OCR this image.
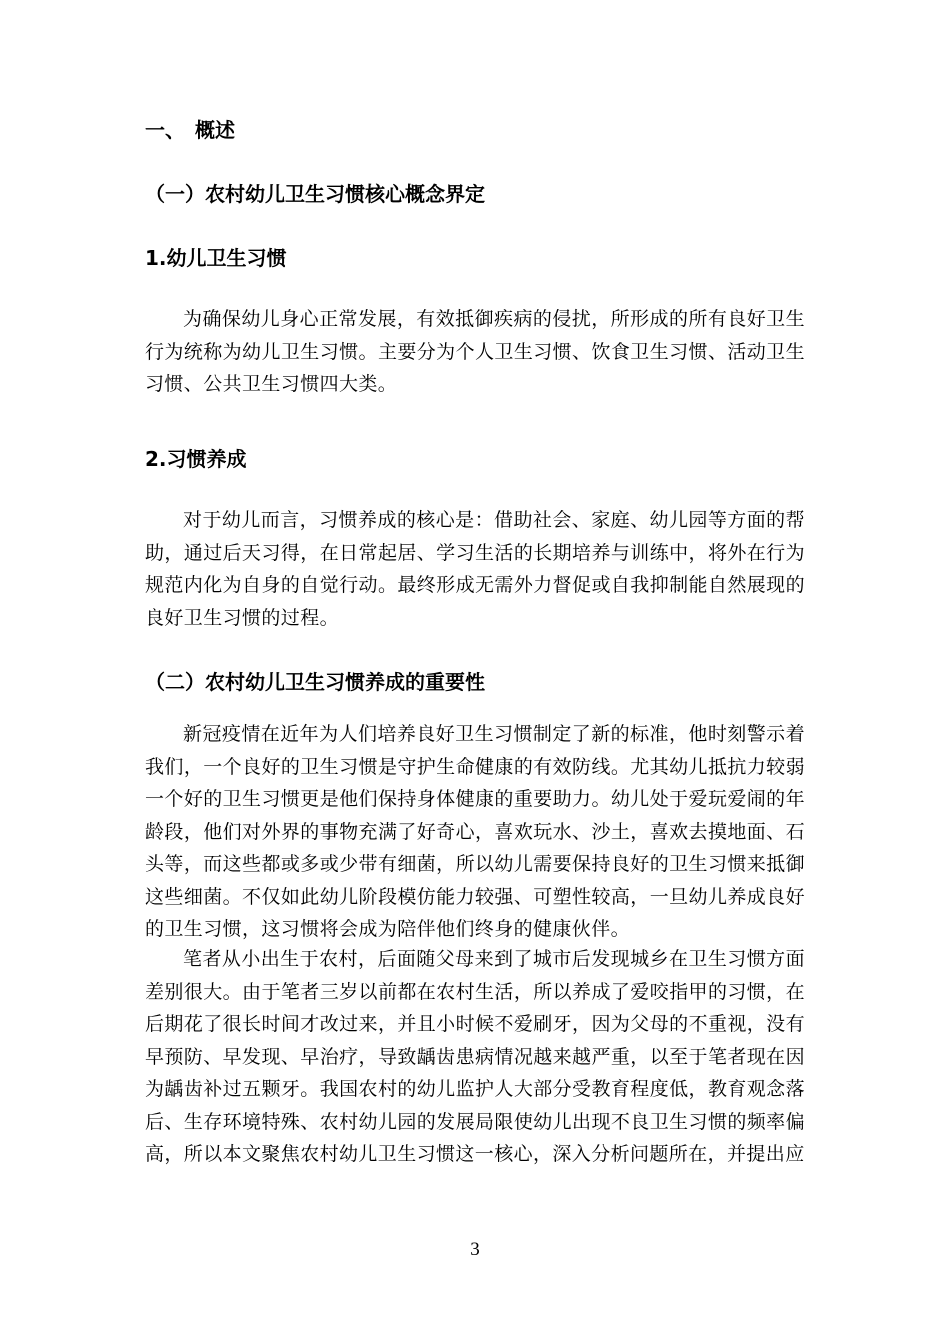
一、　概述
（一）农村幼儿卫生习惯核心概念界定
1.幼儿卫生习惯

为确保幼儿身心正常发展，有效抵御疾病的侵扰，所形成的所有良好卫生行为统称为幼儿卫生习惯。主要分为个人卫生习惯、饮食卫生习惯、活动卫生习惯、公共卫生习惯四大类。

2.习惯养成

对于幼儿而言，习惯养成的核心是：借助社会、家庭、幼儿园等方面的帮助，通过后天习得，在日常起居、学习生活的长期培养与训练中，将外在行为规范内化为自身的自觉行动。最终形成无需外力督促或自我抑制能自然展现的良好卫生习惯的过程。

（二）农村幼儿卫生习惯养成的重要性

新冠疫情在近年为人们培养良好卫生习惯制定了新的标准，他时刻警示着我们，一个良好的卫生习惯是守护生命健康的有效防线。尤其幼儿抵抗力较弱一个好的卫生习惯更是他们保持身体健康的重要助力。幼儿处于爱玩爱闹的年龄段，他们对外界的事物充满了好奇心，喜欢玩水、沙土，喜欢去摸地面、石头等，而这些都或多或少带有细菌，所以幼儿需要保持良好的卫生习惯来抵御这些细菌。不仅如此幼儿阶段模仿能力较强、可塑性较高，一旦幼儿养成良好的卫生习惯，这习惯将会成为陪伴他们终身的健康伙伴。

笔者从小出生于农村，后面随父母来到了城市后发现城乡在卫生习惯方面差别很大。由于笔者三岁以前都在农村生活，所以养成了爱咬指甲的习惯，在后期花了很长时间才改过来，并且小时候不爱刷牙，因为父母的不重视，没有早预防、早发现、早治疗，导致龋齿患病情况越来越严重，以至于笔者现在因为龋齿补过五颗牙。我国农村的幼儿监护人大部分受教育程度低，教育观念落后、生存环境特殊、农村幼儿园的发展局限使幼儿出现不良卫生习惯的频率偏高，所以本文聚焦农村幼儿卫生习惯这一核心，深入分析问题所在，并提出应

3
